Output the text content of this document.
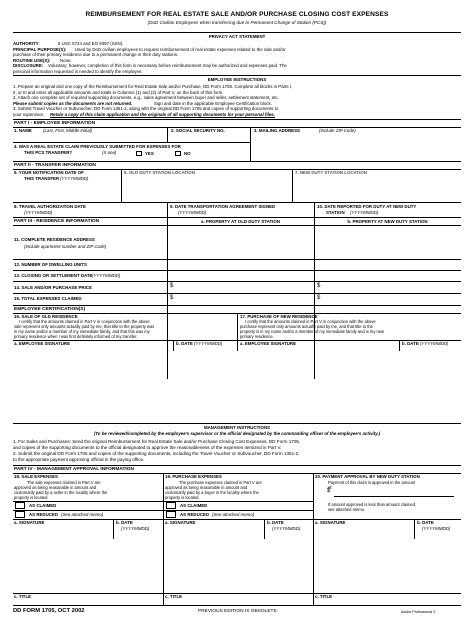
REIMBURSEMENT FOR REAL ESTATE SALE AND/OR PURCHASE CLOSING COST EXPENSES
(DoD Civilian Employees when transferring due to Permanent Change of Station (PCS))
PRIVACY ACT STATEMENT
AUTHORITY:	5 USC 5724 and EO 9397 (SSN).
PRINCIPAL PURPOSE(S): Used by DoD civilian employees to request reimbursement of real estate expenses related to the sale and/or
purchase of their primary residence due to a permanent change in their duty stations.
ROUTINE USE(S): None.
DISCLOSURE: Voluntary; however, completion of this form is necessary before reimbursement may be authorized and expenses paid. The
personal information requested is needed to identify the employee.
EMPLOYEE INSTRUCTIONS
1. Prepare an original and one copy of the Reimbursement for Real Estate Sale and/or Purchase, DD Form 1705. Complete all blocks in Parts I,
II, or III and enter all applicable amounts and totals in Columns (1) and (2) of Part V, on the back of this form.
2. Attach one complete set of required supporting documents, e.g., sales agreement between buyer and seller, settlement statement, etc.
Please submit copies as the documents are not returned.	Sign and date in the applicable Employee Certification block.
3. Submit Travel Voucher or Subvoucher, DD Form 1351-2, along with the original DD Form 1705 and copies of supporting documents to
your supervisor. Retain a copy of this claim application and the originals of all supporting documents for your personal files.
PART I - EMPLOYEE INFORMATION
1. NAME	(Last, First, Middle Initial)	2. SOCIAL SECURITY NO.	3. MAILING ADDRESS	(Include ZIP Code)
4. WAS A REAL ESTATE CLAIM PREVIOUSLY SUBMITTED FOR EXPENSES FOR
THIS PCS TRANSFER?	(X one)	YES	NO
PART II - TRANSFER INFORMATION
5. YOUR NOTIFICATION DATE OF
THIS TRANSFER (YYYYMMDD)
6. OLD DUTY STATION LOCATION	7. NEW DUTY STATION LOCATION
8. TRAVEL AUTHORIZATION DATE
(YYYYMMDD)
9. DATE TRANSPORTATION AGREEMENT SIGNED
(YYYYMMDD)
10. DATE REPORTED FOR DUTY AT NEW DUTY
STATION (YYYYMMDD)
PART III - RESIDENCE INFORMATION	a. PROPERTY AT OLD DUTY STATION	b. PROPERTY AT NEW DUTY STATION
11. COMPLETE RESIDENCE ADDRESS
(Include apartment number and ZIP Code)
12. NUMBER OF DWELLING UNITS
13. CLOSING OR SETTLEMENT DATE (YYYYMMDD)
14. SALE AND/OR PURCHASE PRICE	$	$
15. TOTAL EXPENSES CLAIMED	$	$
EMPLOYEE CERTIFICATION(S)
16. SALE OF OLD RESIDENCE
I certify that the amounts claimed in Part V in conjunction with the above
sale represent only amounts actually paid by me, that title to the property was
in my name and/or a member of my immediate family, and that this was my
primary residence when I was first definitely informed of my transfer.
17. PURCHASE OF NEW RESIDENCE
I certify that the amounts claimed in Part V in conjunction with the above
purchase represent only amounts actually paid by me, and that title to the
property is in my name and/or a member of my immediate family and is my new
primary residence.
a. EMPLOYEE SIGNATURE	b. DATE (YYYYMMDD)	a. EMPLOYEE SIGNATURE	b. DATE (YYYYMMDD)
MANAGEMENT INSTRUCTIONS
(To be reviewed/completed by the employee's supervisor or the official designated by the commanding officer of the employee's activity.)
1. For Sales and Purchases: Send the original Reimbursement for Real Estate Sale and/or Purchase Closing Cost Expenses, DD Form 1705,
and copies of the supporting documents to the official designated to approve the reasonableness of the expenses itemized in Part V.
2. Submit the original DD Form 1705 and copies of the supporting documents, including the Travel Voucher or Subvoucher, DD Form 1351-2,
to the appropriate payment approving official in the paying office.
PART IV - MANAGEMENT APPROVAL INFORMATION
18. SALE EXPENSES
The sale expenses claimed in Part V are
approved as being reasonable in amount and
customarily paid by a seller in the locality where the
property is located.
AS CLAIMED
AS REDUCED (See attached memo)
19. PURCHASE EXPENSES
The purchase expenses claimed in Part V are
approved as being reasonable in amount and
customarily paid by a buyer in the locality where the
property is located.
AS CLAIMED
AS REDUCED (See attached memo)
20. PAYMENT APPROVAL BY NEW DUTY STATION
Payment of this claim is approved in the amount
of:
$
If amount approved is less than amount claimed,
see attached memo.
a. SIGNATURE	b. DATE
(YYYYMMDD)
a. SIGNATURE	b. DATE
(YYYYMMDD)
a. SIGNATURE	b. DATE
(YYYYMMDD)
c. TITLE	c. TITLE	c. TITLE
DD FORM 1705, OCT 2002	PREVIOUS EDITION IS OBSOLETE.	Adobe Professional X
